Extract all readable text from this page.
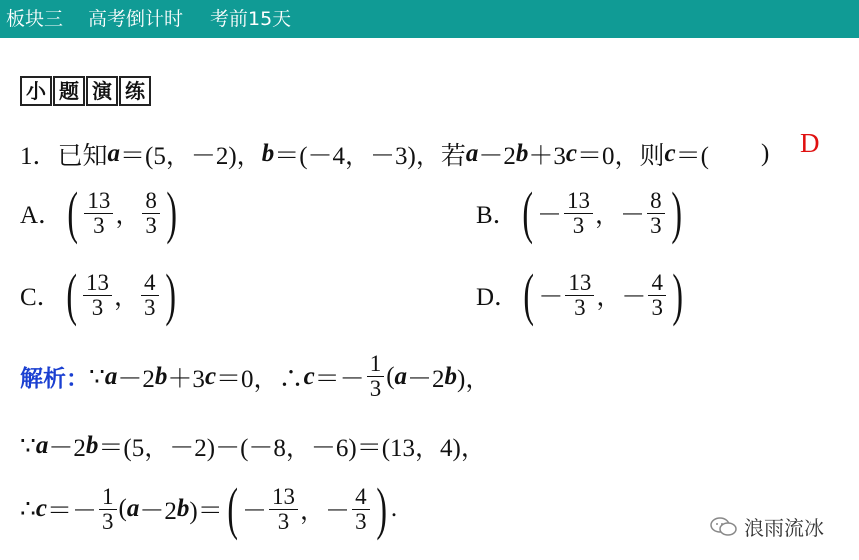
板块三 高考倒计时 考前15天
小 题 演 练
1． 已知 a ＝(5，－2)， b ＝(－4，－3)，若 a －2 b ＋3 c ＝0，则 c ＝( ) D
A． ( $\frac{13}{3}$ ， $\frac{8}{3}$ )	B． ( － $\frac{13}{3}$ ， － $\frac{8}{3}$ )
C． ( $\frac{13}{3}$ ， $\frac{4}{3}$ )	D． ( － $\frac{13}{3}$ ， － $\frac{4}{3}$ )
解析： ∵ a －2 b ＋3 c ＝0，∴ $c =- \frac{1}{3}$ ( a －2 b )，
∵ a －2 b ＝(5，－2)－(－8，－6)＝(13，4)，
∴ $c =- \frac{1}{3}$ ( a －2 b )＝ ( － $\frac{13}{3}$ ，－ $\frac{4}{3}$ ) .
浪雨流冰
